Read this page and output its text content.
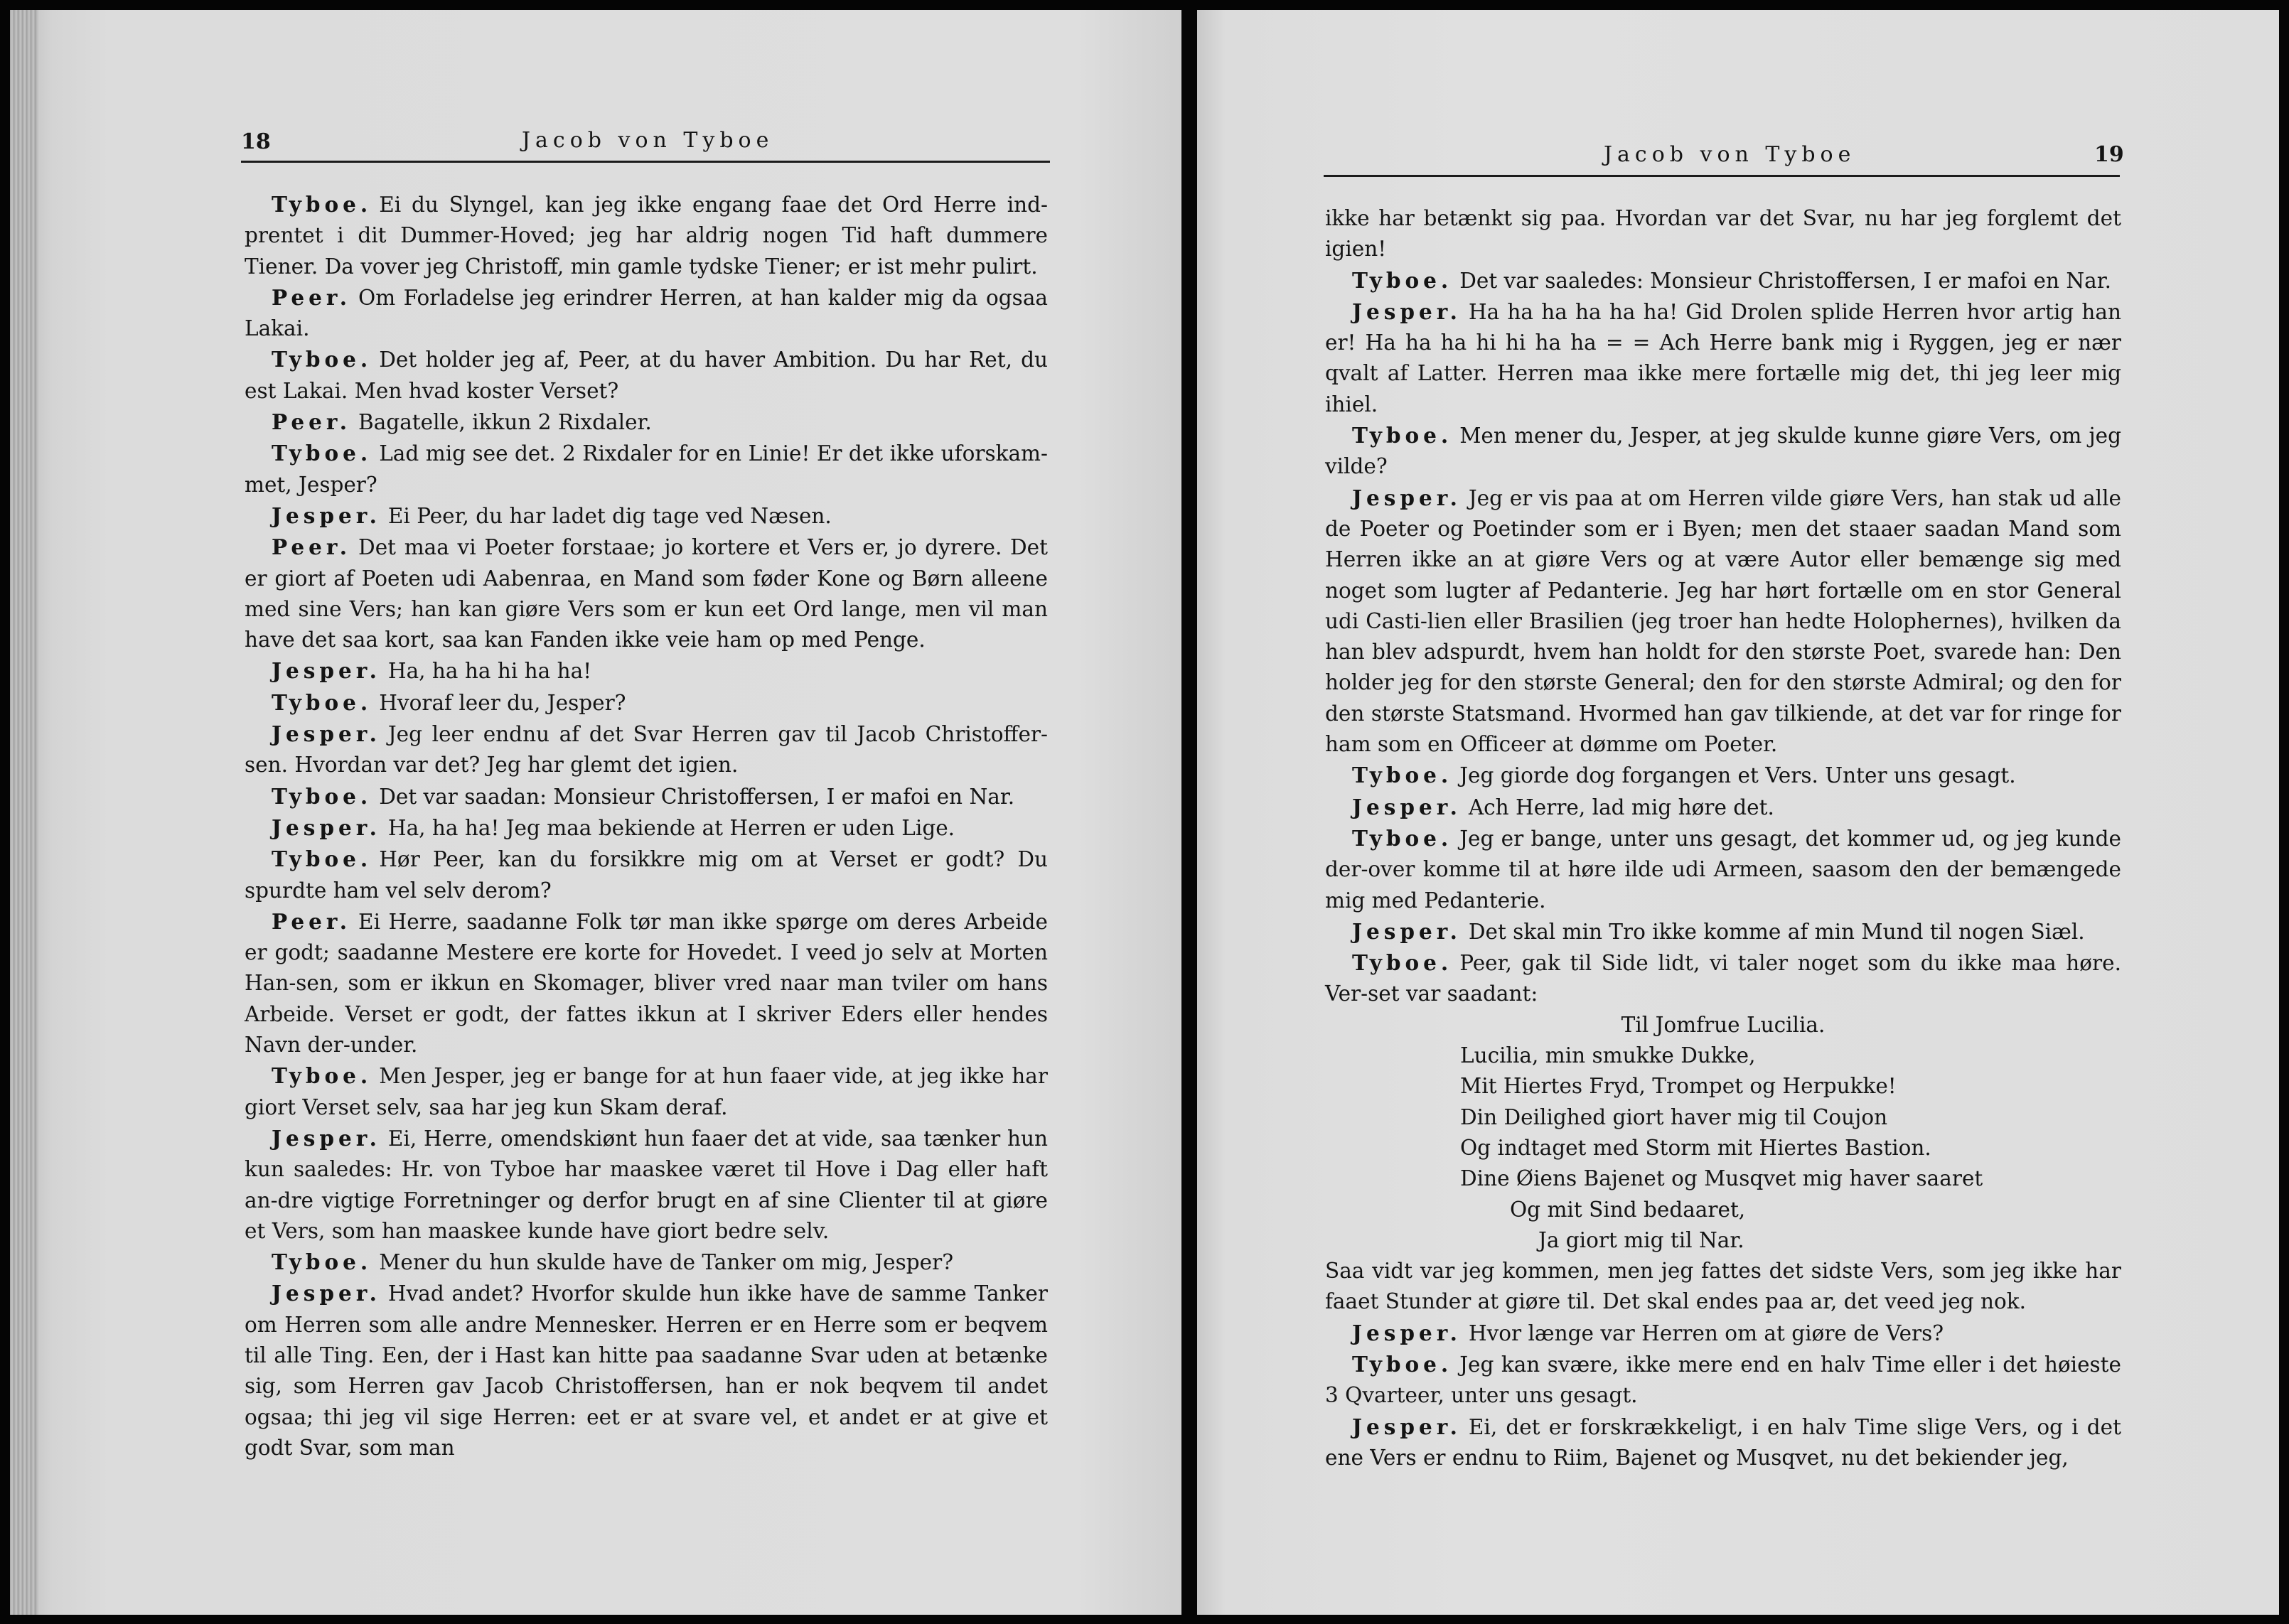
18	Jacob von Tyboe

Tyboe. Ei du Slyngel, kan jeg ikke engang faae det Ord Herre ind-prentet i dit Dummer-Hoved; jeg har aldrig nogen Tid haft dummere Tiener. Da vover jeg Christoff, min gamle tydske Tiener; er ist mehr pulirt.

Peer. Om Forladelse jeg erindrer Herren, at han kalder mig da ogsaa Lakai.

Tyboe. Det holder jeg af, Peer, at du haver Ambition. Du har Ret, du est Lakai. Men hvad koster Verset?

Peer. Bagatelle, ikkun 2 Rixdaler.

Tyboe. Lad mig see det. 2 Rixdaler for en Linie! Er det ikke uforskam-met, Jesper?

Jesper. Ei Peer, du har ladet dig tage ved Næsen.

Peer. Det maa vi Poeter forstaae; jo kortere et Vers er, jo dyrere. Det er giort af Poeten udi Aabenraa, en Mand som føder Kone og Børn alleene med sine Vers; han kan giøre Vers som er kun eet Ord lange, men vil man have det saa kort, saa kan Fanden ikke veie ham op med Penge.

Jesper. Ha, ha ha hi ha ha!

Tyboe. Hvoraf leer du, Jesper?

Jesper. Jeg leer endnu af det Svar Herren gav til Jacob Christoffer-sen. Hvordan var det? Jeg har glemt det igien.

Tyboe. Det var saadan: Monsieur Christoffersen, I er mafoi en Nar.

Jesper. Ha, ha ha! Jeg maa bekiende at Herren er uden Lige.

Tyboe. Hør Peer, kan du forsikkre mig om at Verset er godt? Du spurdte ham vel selv derom?

Peer. Ei Herre, saadanne Folk tør man ikke spørge om deres Arbeide er godt; saadanne Mestere ere korte for Hovedet. I veed jo selv at Morten Han-sen, som er ikkun en Skomager, bliver vred naar man tviler om hans Arbeide. Verset er godt, der fattes ikkun at I skriver Eders eller hendes Navn der-under.

Tyboe. Men Jesper, jeg er bange for at hun faaer vide, at jeg ikke har giort Verset selv, saa har jeg kun Skam deraf.

Jesper. Ei, Herre, omendskiønt hun faaer det at vide, saa tænker hun kun saaledes: Hr. von Tyboe har maaskee været til Hove i Dag eller haft an-dre vigtige Forretninger og derfor brugt en af sine Clienter til at giøre et Vers, som han maaskee kunde have giort bedre selv.

Tyboe. Mener du hun skulde have de Tanker om mig, Jesper?

Jesper. Hvad andet? Hvorfor skulde hun ikke have de samme Tanker om Herren som alle andre Mennesker. Herren er en Herre som er beqvem til alle Ting. Een, der i Hast kan hitte paa saadanne Svar uden at betænke sig, som Herren gav Jacob Christoffersen, han er nok beqvem til andet ogsaa; thi jeg vil sige Herren: eet er at svare vel, et andet er at give et godt Svar, som man

Jacob von Tyboe	19

ikke har betænkt sig paa. Hvordan var det Svar, nu har jeg forglemt det igien!

Tyboe. Det var saaledes: Monsieur Christoffersen, I er mafoi en Nar.

Jesper. Ha ha ha ha ha ha! Gid Drolen splide Herren hvor artig han er! Ha ha ha hi hi ha ha = = Ach Herre bank mig i Ryggen, jeg er nær qvalt af Latter. Herren maa ikke mere fortælle mig det, thi jeg leer mig ihiel.

Tyboe. Men mener du, Jesper, at jeg skulde kunne giøre Vers, om jeg vilde?

Jesper. Jeg er vis paa at om Herren vilde giøre Vers, han stak ud alle de Poeter og Poetinder som er i Byen; men det staaer saadan Mand som Herren ikke an at giøre Vers og at være Autor eller bemænge sig med noget som lugter af Pedanterie. Jeg har hørt fortælle om en stor General udi Casti-lien eller Brasilien (jeg troer han hedte Holophernes), hvilken da han blev adspurdt, hvem han holdt for den største Poet, svarede han: Den holder jeg for den største General; den for den største Admiral; og den for den største Statsmand. Hvormed han gav tilkiende, at det var for ringe for ham som en Officeer at dømme om Poeter.

Tyboe. Jeg giorde dog forgangen et Vers. Unter uns gesagt.

Jesper. Ach Herre, lad mig høre det.

Tyboe. Jeg er bange, unter uns gesagt, det kommer ud, og jeg kunde der-over komme til at høre ilde udi Armeen, saasom den der bemængede mig med Pedanterie.

Jesper. Det skal min Tro ikke komme af min Mund til nogen Siæl.

Tyboe. Peer, gak til Side lidt, vi taler noget som du ikke maa høre. Ver-set var saadant:

Til Jomfrue Lucilia.

Lucilia, min smukke Dukke,

Mit Hiertes Fryd, Trompet og Herpukke!

Din Deilighed giort haver mig til Coujon

Og indtaget med Storm mit Hiertes Bastion.

Dine Øiens Bajenet og Musqvet mig haver saaret

Og mit Sind bedaaret,

Ja giort mig til Nar.

Saa vidt var jeg kommen, men jeg fattes det sidste Vers, som jeg ikke har faaet Stunder at giøre til. Det skal endes paa ar, det veed jeg nok.

Jesper. Hvor længe var Herren om at giøre de Vers?

Tyboe. Jeg kan svære, ikke mere end en halv Time eller i det høieste 3 Qvarteer, unter uns gesagt.

Jesper. Ei, det er forskrækkeligt, i en halv Time slige Vers, og i det ene Vers er endnu to Riim, Bajenet og Musqvet, nu det bekiender jeg,
